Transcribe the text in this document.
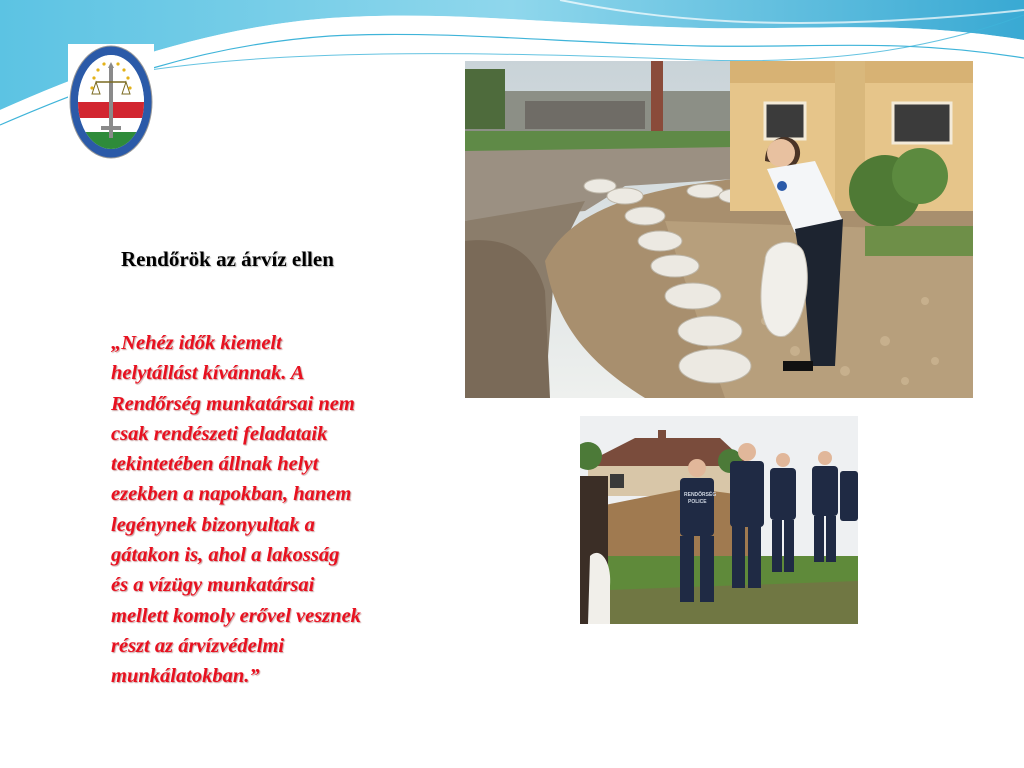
Rendőrök az árvíz ellen
„Nehéz idők kiemelt
helytállást kívánnak. A
Rendőrség munkatársai nem
csak rendészeti feladataik
tekintetében állnak helyt
ezekben a napokban, hanem
legénynek bizonyultak a
gátakon is, ahol a lakosság
és a vízügy munkatársai
mellett komoly erővel vesznek
részt az árvízvédelmi
munkálatokban.”
RENDŐRSÉG
POLICE
